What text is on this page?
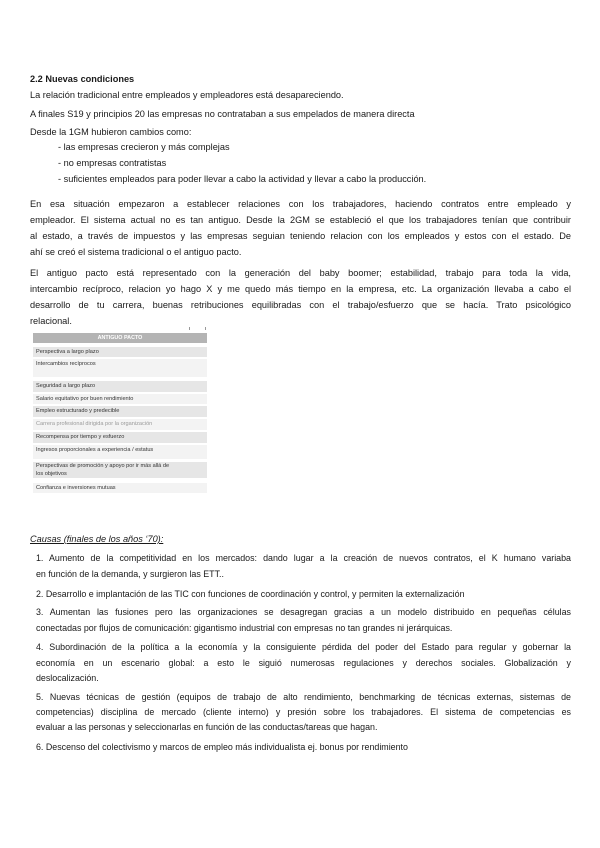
2.2 Nuevas condiciones
La relación tradicional entre empleados y empleadores está desapareciendo.
A finales S19 y principios 20 las empresas no contrataban a sus empelados de manera directa
Desde la 1GM hubieron cambios como:
- las empresas crecieron y más complejas
- no empresas contratistas
- suficientes empleados para poder llevar a cabo la actividad y llevar a cabo la producción.
En esa situación empezaron a establecer relaciones con los trabajadores, haciendo contratos entre empleado y
empleador. El sistema actual no es tan antiguo. Desde la 2GM se estableció el que los trabajadores tenían que contribuir
al estado, a través de impuestos y las empresas seguian teniendo relacion con los empleados y estos con el estado. De
ahí se creó el sistema tradicional o el antiguo pacto.
El antiguo pacto está representado con la generación del baby boomer; estabilidad, trabajo para toda la vida,
intercambio recíproco, relacion yo hago X y me quedo más tiempo en la empresa, etc. La organización llevaba a cabo el
desarrollo de tu carrera, buenas retribuciones equilibradas con el trabajo/esfuerzo que se hacía. Trato psicológico
relacional.
ANTIGUO PACTO
Perspectiva a largo plazo
Intercambios recíprocos
Seguridad a largo plazo
Salario equitativo por buen rendimiento
Empleo estructurado y predecible
Carrera profesional dirigida por la organización
Recompensa por tiempo y esfuerzo
Ingresos proporcionales a experiencia / estatus
Perspectivas de promoción y apoyo por ir más allá de
los objetivos
Confianza e inversiones mutuas
Causas (finales de los años ‘70):
1. Aumento de la competitividad en los mercados: dando lugar a la creación de nuevos contratos, el K humano variaba
en función de la demanda, y surgieron las ETT..
2. Desarrollo e implantación de las TIC con funciones de coordinación y control, y permiten la externalización
3. Aumentan las fusiones pero las organizaciones se desagregan gracias a un modelo distribuido en pequeñas células
conectadas por flujos de comunicación: gigantismo industrial con empresas no tan grandes ni jerárquicas.
4. Subordinación de la política a la economía y la consiguiente pérdida del poder del Estado para regular y gobernar la
economía en un escenario global: a esto le siguió numerosas regulaciones y derechos sociales. Globalización y
deslocalización.
5. Nuevas técnicas de gestión (equipos de trabajo de alto rendimiento, benchmarking de técnicas externas, sistemas de
competencias) disciplina de mercado (cliente interno) y presión sobre los trabajadores. El sistema de competencias es
evaluar a las personas y seleccionarlas en función de las conductas/tareas que hagan.
6. Descenso del colectivismo y marcos de empleo más individualista ej. bonus por rendimiento
